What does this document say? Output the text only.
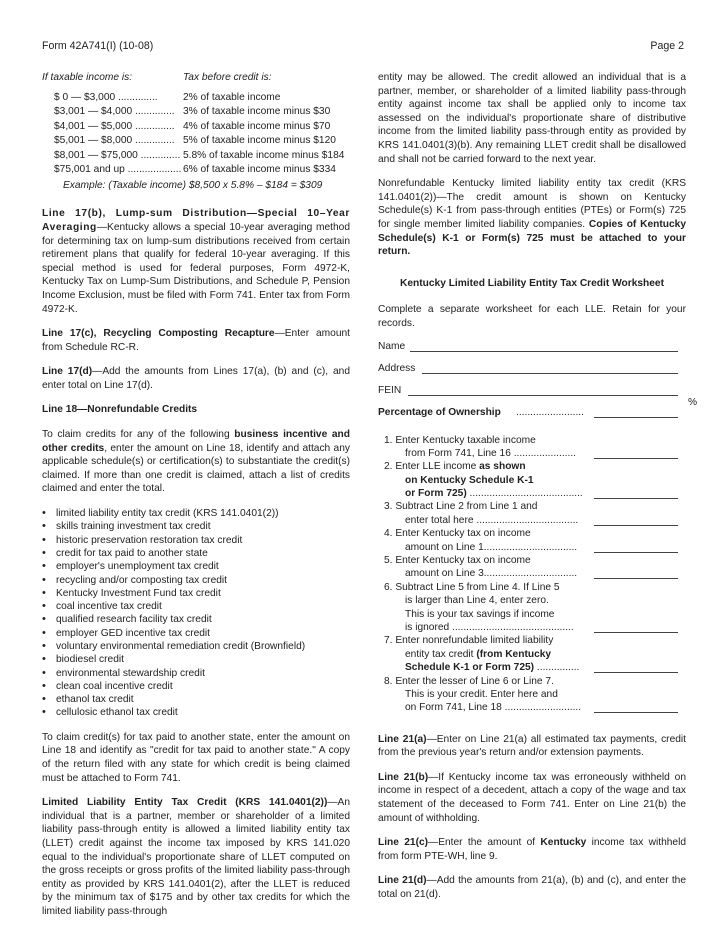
Form 42A741(I) (10-08)	Page 2
If taxable income is:	Tax before credit is:
$ 0 — $3,000 .............. 2% of taxable income
$3,001 — $4,000 .............. 3% of taxable income minus $30
$4,001 — $5,000 .............. 4% of taxable income minus $70
$5,001 — $8,000 .............. 5% of taxable income minus $120
$8,001 — $75,000 .............. 5.8% of taxable income minus $184
$75,001 and up ................... 6% of taxable income minus $334
Example: (Taxable income) $8,500 x 5.8% – $184 = $309

Line 17(b), Lump-sum Distribution—Special 10–Year Averaging—Kentucky allows a special 10-year averaging method for determining tax on lump-sum distributions received from certain retirement plans that qualify for federal 10-year averaging. If this special method is used for federal purposes, Form 4972-K, Kentucky Tax on Lump-Sum Distributions, and Schedule P, Pension Income Exclusion, must be filed with Form 741. Enter tax from Form 4972-K.

Line 17(c), Recycling Composting Recapture—Enter amount from Schedule RC-R.

Line 17(d)—Add the amounts from Lines 17(a), (b) and (c), and enter total on Line 17(d).

Line 18—Nonrefundable Credits

To claim credits for any of the following business incentive and other credits, enter the amount on Line 18, identify and attach any applicable schedule(s) or certification(s) to substantiate the credit(s) claimed. If more than one credit is claimed, attach a list of credits claimed and enter the total.

• limited liability entity tax credit (KRS 141.0401(2))
• skills training investment tax credit
• historic preservation restoration tax credit
• credit for tax paid to another state
• employer's unemployment tax credit
• recycling and/or composting tax credit
• Kentucky Investment Fund tax credit
• coal incentive tax credit
• qualified research facility tax credit
• employer GED incentive tax credit
• voluntary environmental remediation credit (Brownfield)
• biodiesel credit
• environmental stewardship credit
• clean coal incentive credit
• ethanol tax credit
• cellulosic ethanol tax credit

To claim credit(s) for tax paid to another state, enter the amount on Line 18 and identify as "credit for tax paid to another state." A copy of the return filed with any state for which credit is being claimed must be attached to Form 741.

Limited Liability Entity Tax Credit (KRS 141.0401(2))—An individual that is a partner, member or shareholder of a limited liability pass-through entity is allowed a limited liability entity tax (LLET) credit against the income tax imposed by KRS 141.020 equal to the individual's proportionate share of LLET computed on the gross receipts or gross profits of the limited liability pass-through entity as provided by KRS 141.0401(2), after the LLET is reduced by the minimum tax of $175 and by other tax credits for which the limited liability pass-through

entity may be allowed. The credit allowed an individual that is a partner, member, or shareholder of a limited liability pass-through entity against income tax shall be applied only to income tax assessed on the individual's proportionate share of distributive income from the limited liability pass-through entity as provided by KRS 141.0401(3)(b). Any remaining LLET credit shall be disallowed and shall not be carried forward to the next year.

Nonrefundable Kentucky limited liability entity tax credit (KRS 141.0401(2))—The credit amount is shown on Kentucky Schedule(s) K-1 from pass-through entities (PTEs) or Form(s) 725 for single member limited liability companies. Copies of Kentucky Schedule(s) K-1 or Form(s) 725 must be attached to your return.

Kentucky Limited Liability Entity Tax Credit Worksheet

Complete a separate worksheet for each LLE. Retain for your records.

Name
Address
FEIN
Percentage of Ownership ........................
%
1. Enter Kentucky taxable income
from Form 741, Line 16 ......................
2. Enter LLE income as shown
on Kentucky Schedule K-1
or Form 725) ........................................
3. Subtract Line 2 from Line 1 and
enter total here ....................................
4. Enter Kentucky tax on income
amount on Line 1.................................
5. Enter Kentucky tax on income
amount on Line 3.................................
6. Subtract Line 5 from Line 4. If Line 5
is larger than Line 4, enter zero.
This is your tax savings if income
is ignored ...........................................
7. Enter nonrefundable limited liability
entity tax credit (from Kentucky
Schedule K-1 or Form 725) ...............
8. Enter the lesser of Line 6 or Line 7.
This is your credit. Enter here and
on Form 741, Line 18 ...........................

Line 21(a)—Enter on Line 21(a) all estimated tax payments, credit from the previous year's return and/or extension payments.

Line 21(b)—If Kentucky income tax was erroneously withheld on income in respect of a decedent, attach a copy of the wage and tax statement of the deceased to Form 741. Enter on Line 21(b) the amount of withholding.

Line 21(c)—Enter the amount of Kentucky income tax withheld from form PTE-WH, line 9.

Line 21(d)—Add the amounts from 21(a), (b) and (c), and enter the total on 21(d).
